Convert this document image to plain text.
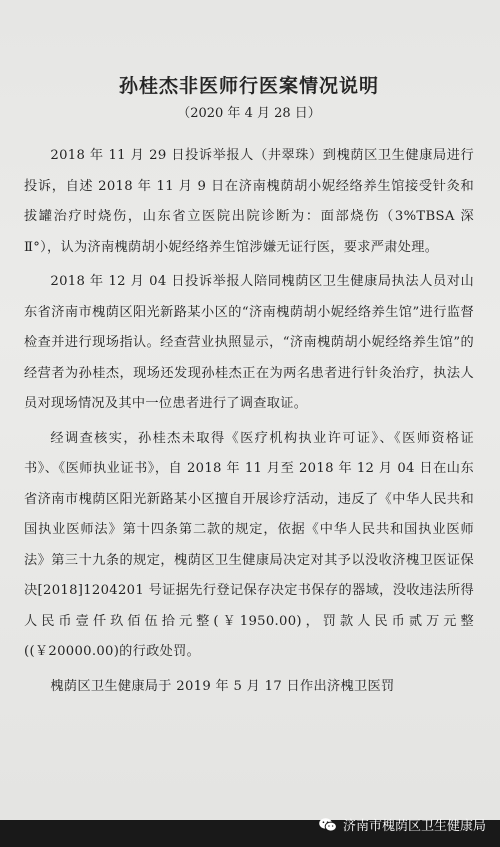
孙桂杰非医师行医案情况说明
（2020 年 4 月 28 日）

2018 年 11 月 29 日投诉举报人（井翠珠）到槐荫区卫生健康局进行投诉，自述 2018 年 11 月 9 日在济南槐荫胡小妮经络养生馆接受针灸和拔罐治疗时烧伤，山东省立医院出院诊断为：面部烧伤（3%TBSA 深Ⅱ°），认为济南槐荫胡小妮经络养生馆涉嫌无证行医，要求严肃处理。

2018 年 12 月 04 日投诉举报人陪同槐荫区卫生健康局执法人员对山东省济南市槐荫区阳光新路某小区的“济南槐荫胡小妮经络养生馆”进行监督检查并进行现场指认。经查营业执照显示，“济南槐荫胡小妮经络养生馆”的经营者为孙桂杰，现场还发现孙桂杰正在为两名患者进行针灸治疗，执法人员对现场情况及其中一位患者进行了调查取证。

经调查核实，孙桂杰未取得《医疗机构执业许可证》、《医师资格证书》、《医师执业证书》，自 2018 年 11 月至 2018 年 12 月 04 日在山东省济南市槐荫区阳光新路某小区擅自开展诊疗活动，违反了《中华人民共和国执业医师法》第十四条第二款的规定，依据《中华人民共和国执业医师法》第三十九条的规定，槐荫区卫生健康局决定对其予以没收济槐卫医证保决[2018]1204201 号证据先行登记保存决定书保存的器域，没收违法所得人民币壹仟玖佰伍拾元整(￥1950.00)，罚款人民币贰万元整((￥20000.00)的行政处罚。

槐荫区卫生健康局于 2019 年 5 月 17 日作出济槐卫医罚

济南市槐荫区卫生健康局
